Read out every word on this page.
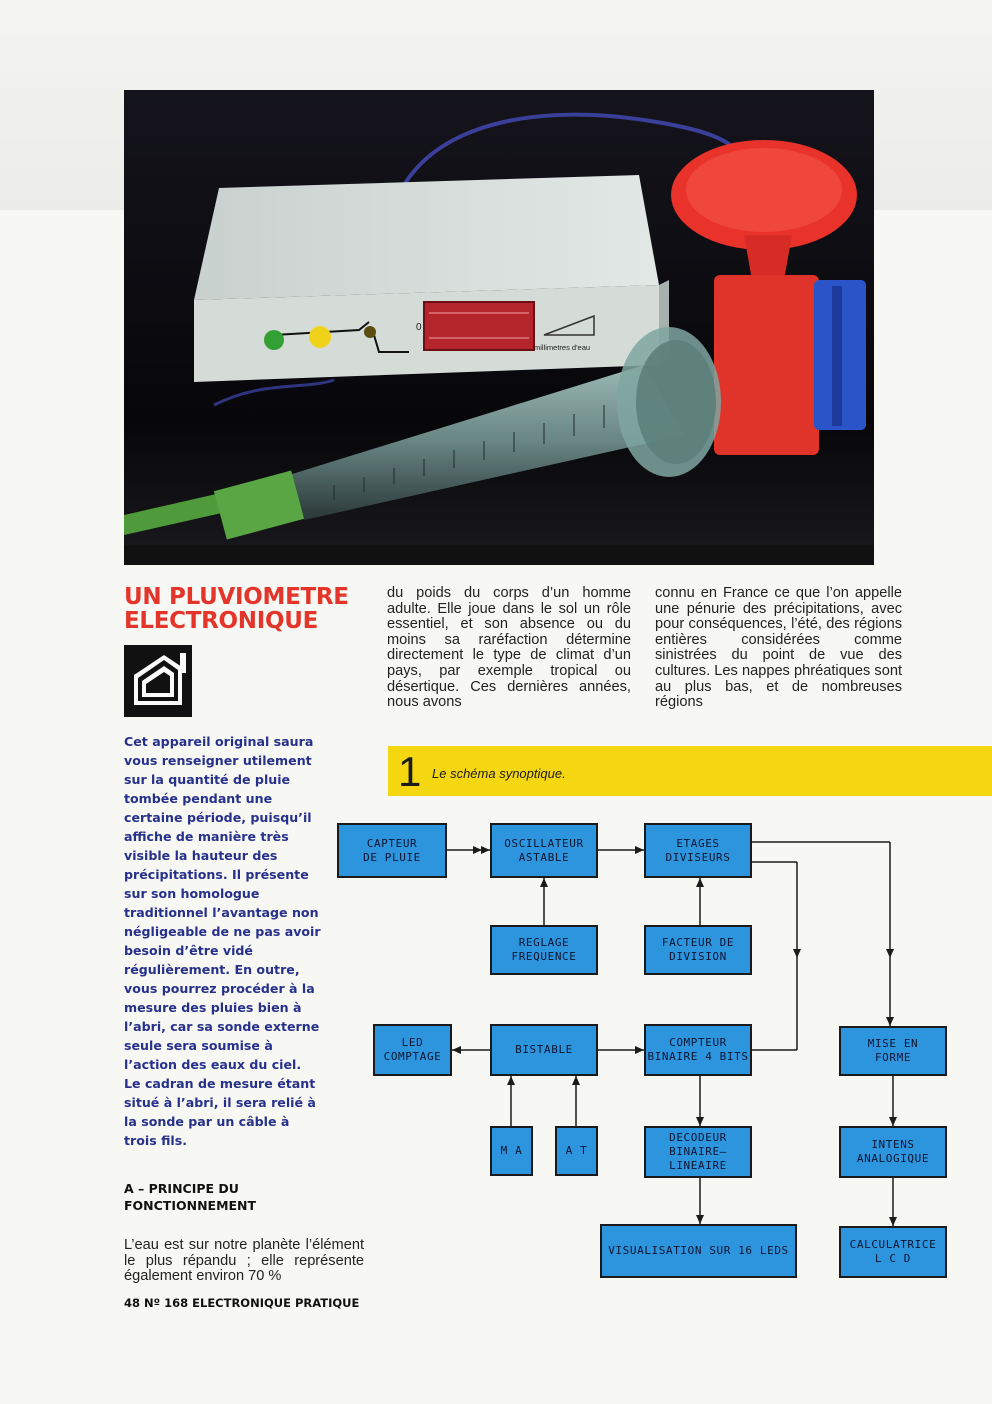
0
millimetres d'eau
UN PLUVIOMETRE ELECTRONIQUE
Cet appareil original saura vous renseigner utilement sur la quantité de pluie tombée pendant une certaine période, puisqu’il affiche de manière très visible la hauteur des précipitations. Il présente sur son homologue traditionnel l’avantage non négligeable de ne pas avoir besoin d’être vidé régulièrement. En outre, vous pourrez procéder à la mesure des pluies bien à l’abri, car sa sonde externe seule sera soumise à l’action des eaux du ciel. Le cadran de mesure étant situé à l’abri, il sera relié à la sonde par un câble à trois fils.
A – PRINCIPE DU FONCTIONNEMENT
L’eau est sur notre planète l’élément le plus répandu ; elle représente également environ 70 %
du poids du corps d’un homme adulte. Elle joue dans le sol un rôle essentiel, et son absence ou du moins sa raréfaction détermine directement le type de climat d’un pays, par exemple tropical ou désertique. Ces dernières années, nous avons
connu en France ce que l’on appelle une pénurie des précipitations, avec pour conséquences, l’été, des régions entières considérées comme sinistrées du point de vue des cultures. Les nappes phréatiques sont au plus bas, et de nombreuses régions
48 Nº 168 ELECTRONIQUE PRATIQUE
1 Le schéma synoptique.
CAPTEUR
DE PLUIE
OSCILLATEUR
ASTABLE
ETAGES
DIVISEURS
REGLAGE
FREQUENCE
FACTEUR DE
DIVISION
LED
COMPTAGE
BISTABLE
COMPTEUR
BINAIRE 4 BITS
MISE EN
FORME
M A	A T
DECODEUR
BINAIRE– LINEAIRE
INTENS
ANALOGIQUE
VISUALISATION SUR 16 LEDS	CALCULATRICE
L C D
